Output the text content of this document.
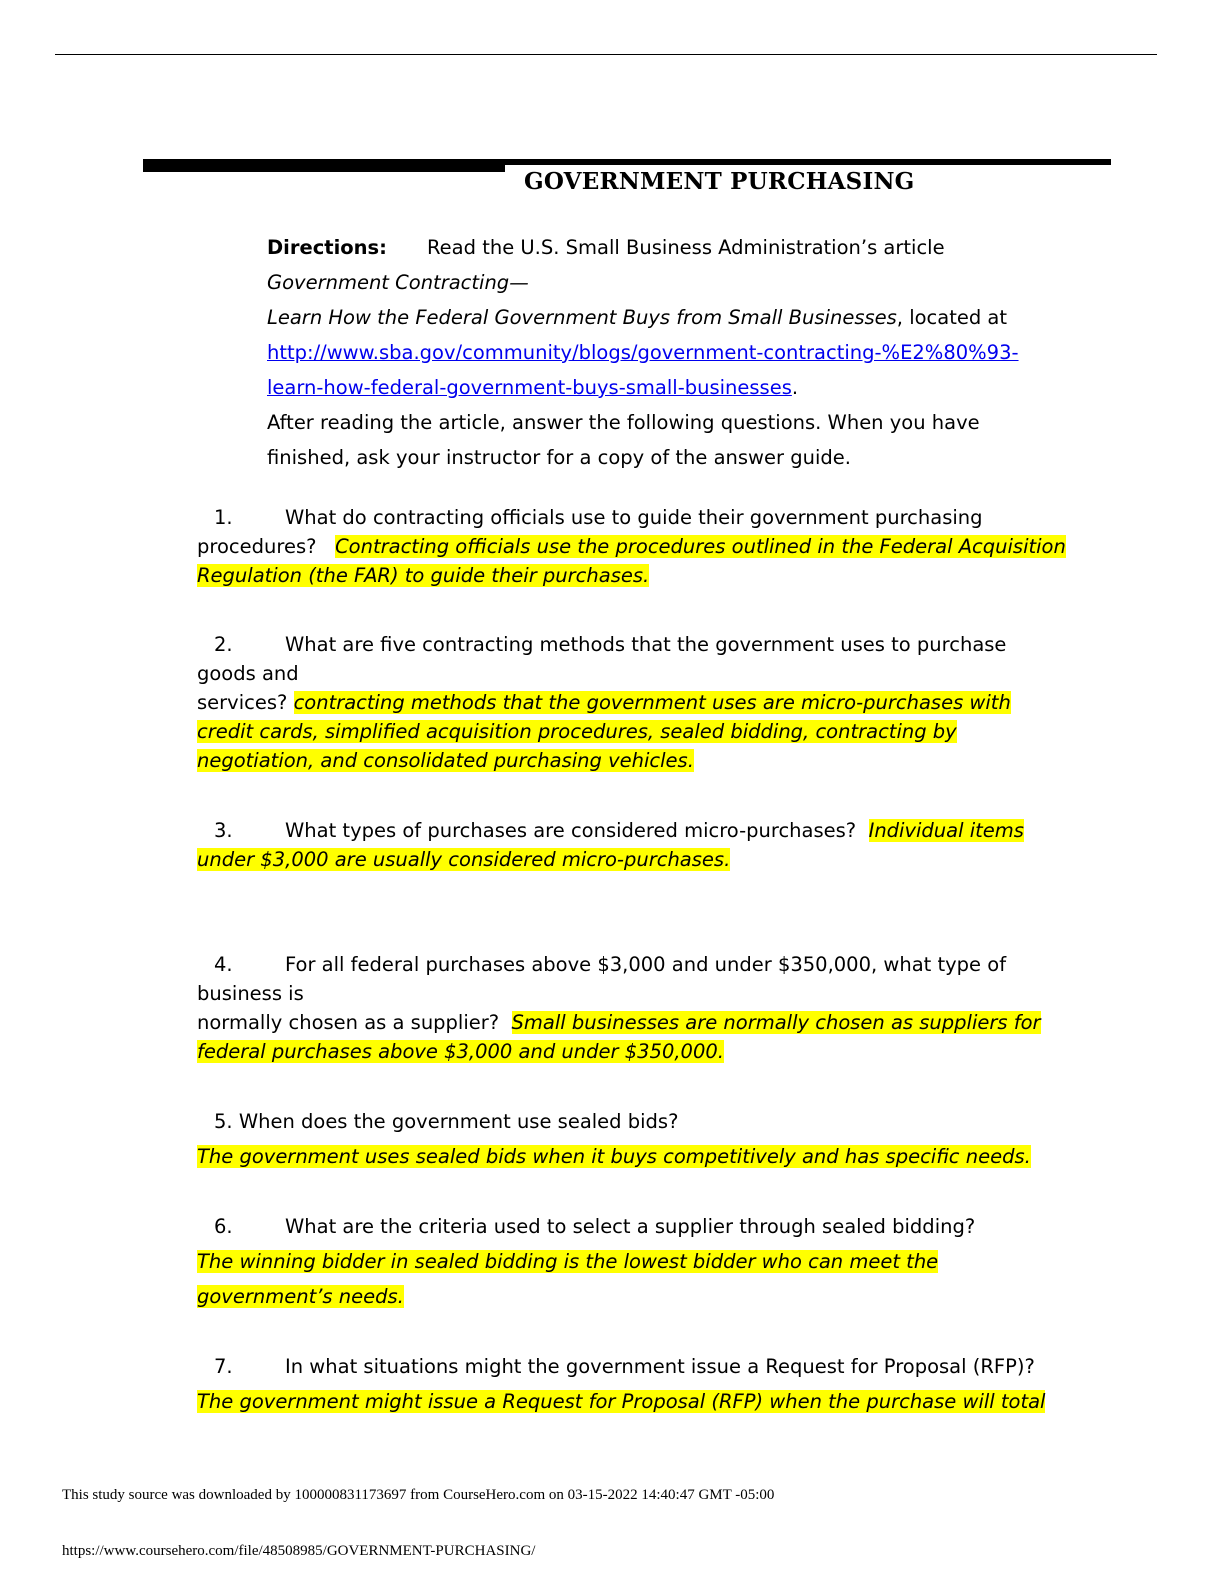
GOVERNMENT PURCHASING
Directions: Read the U.S. Small Business Administration’s article Government Contracting—
Learn How the Federal Government Buys from Small Businesses, located at
http://www.sba.gov/community/blogs/government-contracting-%E2%80%93-
learn-how-federal-government-buys-small-businesses.
After reading the article, answer the following questions. When you have finished, ask your instructor for a copy of the answer guide.
1.	What do contracting officials use to guide their government purchasing
procedures? Contracting officials use the procedures outlined in the Federal Acquisition Regulation (the FAR) to guide their purchases.
2.	What are five contracting methods that the government uses to purchase goods and
services? contracting methods that the government uses are micro-purchases with credit cards, simplified acquisition procedures, sealed bidding, contracting by negotiation, and consolidated purchasing vehicles.
3.	What types of purchases are considered micro-purchases? Individual items under $3,000 are usually considered micro-purchases.
4.	For all federal purchases above $3,000 and under $350,000, what type of business is
normally chosen as a supplier? Small businesses are normally chosen as suppliers for federal purchases above $3,000 and under $350,000.
5. When does the government use sealed bids?
The government uses sealed bids when it buys competitively and has specific needs.
6.	What are the criteria used to select a supplier through sealed bidding?
The winning bidder in sealed bidding is the lowest bidder who can meet the government’s needs.
7.	In what situations might the government issue a Request for Proposal (RFP)?
The government might issue a Request for Proposal (RFP) when the purchase will total
This study source was downloaded by 100000831173697 from CourseHero.com on 03-15-2022 14:40:47 GMT -05:00
https://www.coursehero.com/file/48508985/GOVERNMENT-PURCHASING/
